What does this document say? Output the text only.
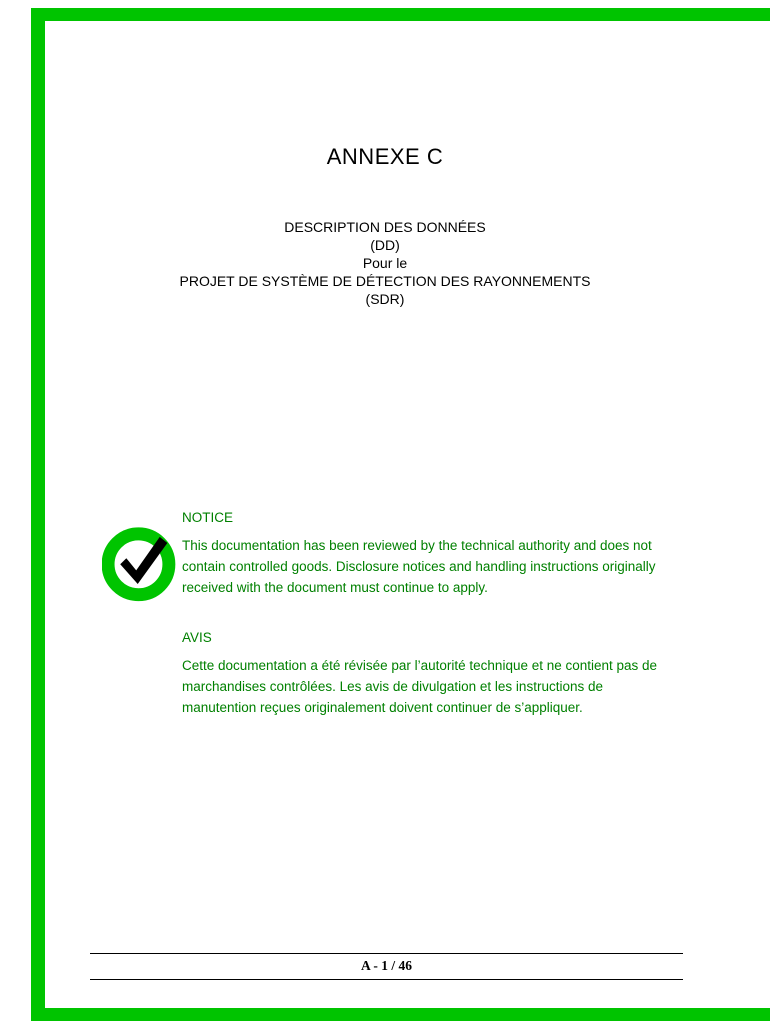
ANNEXE C
DESCRIPTION DES DONNÉES
(DD)
Pour le
PROJET DE SYSTÈME DE DÉTECTION DES RAYONNEMENTS
(SDR)

NOTICE

This documentation has been reviewed by the technical authority and does not contain controlled goods. Disclosure notices and handling instructions originally received with the document must continue to apply.

AVIS

Cette documentation a été révisée par l’autorité technique et ne contient pas de marchandises contrôlées. Les avis de divulgation et les instructions de manutention reçues originalement doivent continuer de s’appliquer.

A - 1 / 46
